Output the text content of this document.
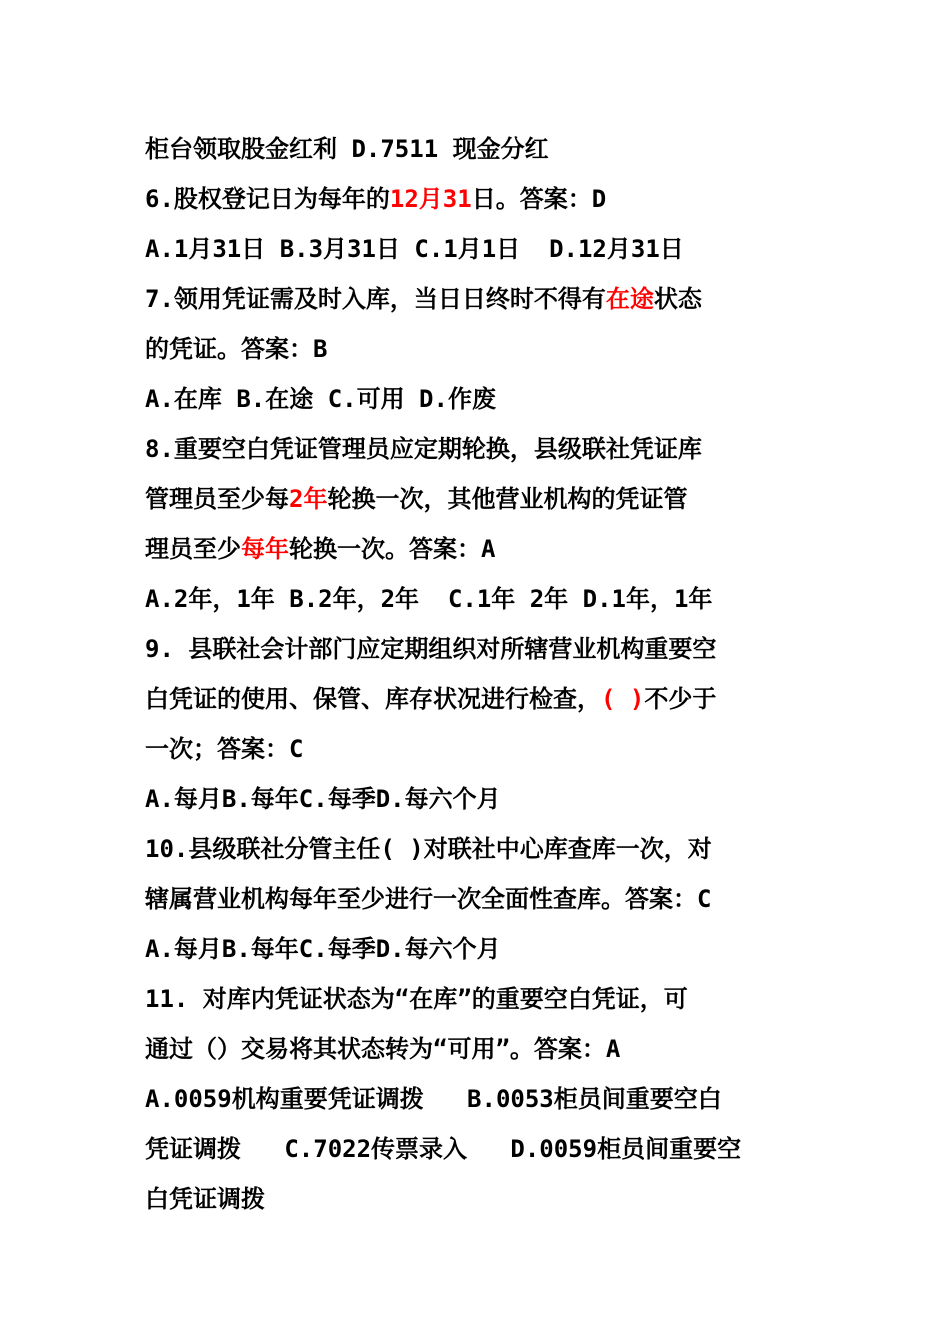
柜台领取股金红利 D.7511 现金分红
6.股权登记日为每年的12月31日。答案：D
A.1月31日 B.3月31日 C.1月1日  D.12月31日
7.领用凭证需及时入库，当日日终时不得有在途状态
的凭证。答案：B
A.在库 B.在途 C.可用 D.作废
8.重要空白凭证管理员应定期轮换，县级联社凭证库
管理员至少每2年轮换一次，其他营业机构的凭证管
理员至少每年轮换一次。答案：A
A.2年，1年 B.2年，2年  C.1年 2年 D.1年，1年
9. 县联社会计部门应定期组织对所辖营业机构重要空
白凭证的使用、保管、库存状况进行检查，( )不少于
一次；答案：C
A.每月B.每年C.每季D.每六个月
10.县级联社分管主任( )对联社中心库查库一次，对
辖属营业机构每年至少进行一次全面性查库。答案：C
A.每月B.每年C.每季D.每六个月
11. 对库内凭证状态为“在库”的重要空白凭证，可
通过（）交易将其状态转为“可用”。答案：A
A.0059机构重要凭证调拨   B.0053柜员间重要空白
凭证调拨   C.7022传票录入   D.0059柜员间重要空
白凭证调拨
